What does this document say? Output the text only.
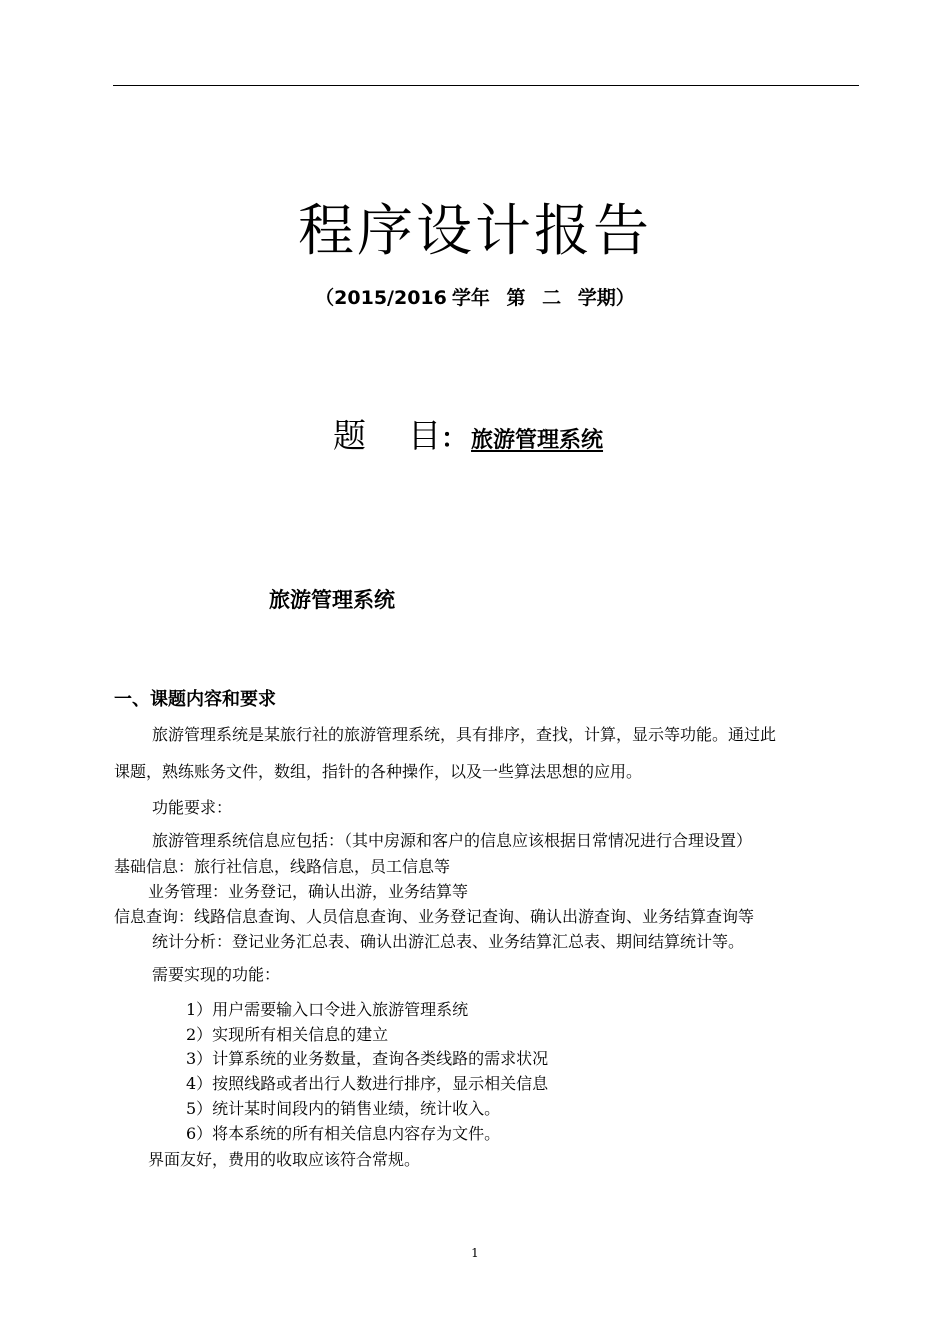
程序设计报告
（2015/2016 学年 第 二 学期）
题 目： 旅游管理系统
旅游管理系统
一、课题内容和要求
旅游管理系统是某旅行社的旅游管理系统，具有排序，查找，计算，显示等功能。通过此
课题，熟练账务文件，数组，指针的各种操作，以及一些算法思想的应用。
功能要求：
旅游管理系统信息应包括：（其中房源和客户的信息应该根据日常情况进行合理设置）
基础信息：旅行社信息，线路信息，员工信息等
业务管理：业务登记，确认出游，业务结算等
信息查询：线路信息查询、人员信息查询、业务登记查询、确认出游查询、业务结算查询等
统计分析：登记业务汇总表、确认出游汇总表、业务结算汇总表、期间结算统计等。
需要实现的功能：
1）用户需要输入口令进入旅游管理系统
2）实现所有相关信息的建立
3）计算系统的业务数量，查询各类线路的需求状况
4）按照线路或者出行人数进行排序，显示相关信息
5）统计某时间段内的销售业绩，统计收入。
6）将本系统的所有相关信息内容存为文件。
界面友好，费用的收取应该符合常规。
1
